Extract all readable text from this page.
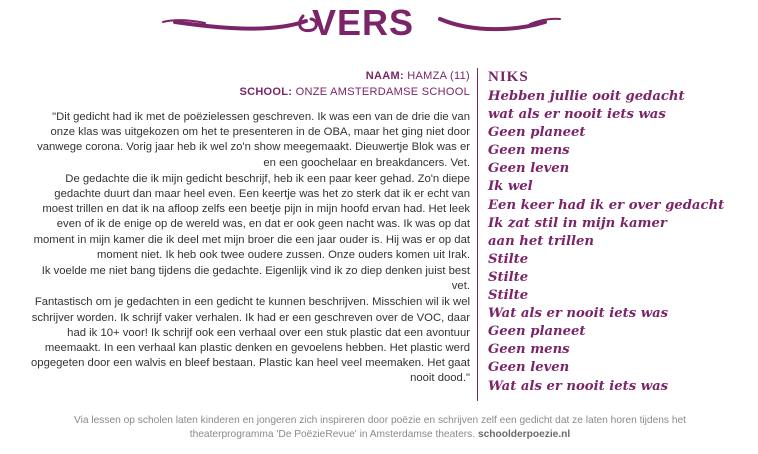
VERS
NAAM: HAMZA (11)
SCHOOL: ONZE AMSTERDAMSE SCHOOL

"Dit gedicht had ik met de poëzielessen geschreven. Ik was een van de drie die van onze klas was uitgekozen om het te presenteren in de OBA, maar het ging niet door vanwege corona. Vorig jaar heb ik wel zo'n show meegemaakt. Dieuwertje Blok was er en een goochelaar en breakdancers. Vet.

De gedachte die ik mijn gedicht beschrijf, heb ik een paar keer gehad. Zo'n diepe gedachte duurt dan maar heel even. Een keertje was het zo sterk dat ik er echt van moest trillen en dat ik na afloop zelfs een beetje pijn in mijn hoofd ervan had. Het leek even of ik de enige op de wereld was, en dat er ook geen nacht was. Ik was op dat moment in mijn kamer die ik deel met mijn broer die een jaar ouder is. Hij was er op dat moment niet. Ik heb ook twee oudere zussen. Onze ouders komen uit Irak.

Ik voelde me niet bang tijdens die gedachte. Eigenlijk vind ik zo diep denken juist best vet.

Fantastisch om je gedachten in een gedicht te kunnen beschrijven. Misschien wil ik wel schrijver worden. Ik schrijf vaker verhalen. Ik had er een geschreven over de VOC, daar had ik 10+ voor! Ik schrijf ook een verhaal over een stuk plastic dat een avontuur meemaakt. In een verhaal kan plastic denken en gevoelens hebben. Het plastic werd opgegeten door een walvis en bleef bestaan. Plastic kan heel veel meemaken. Het gaat nooit dood."

NIKS
Hebben jullie ooit gedacht
wat als er nooit iets was
Geen planeet
Geen mens
Geen leven
Ik wel
Een keer had ik er over gedacht
Ik zat stil in mijn kamer
aan het trillen
Stilte
Stilte
Stilte
Wat als er nooit iets was
Geen planeet
Geen mens
Geen leven
Wat als er nooit iets was
Via lessen op scholen laten kinderen en jongeren zich inspireren door poëzie en schrijven zelf een gedicht dat ze laten horen tijdens het theaterprogramma 'De PoëzieRevue' in Amsterdamse theaters. schoolderpoezie.nl
